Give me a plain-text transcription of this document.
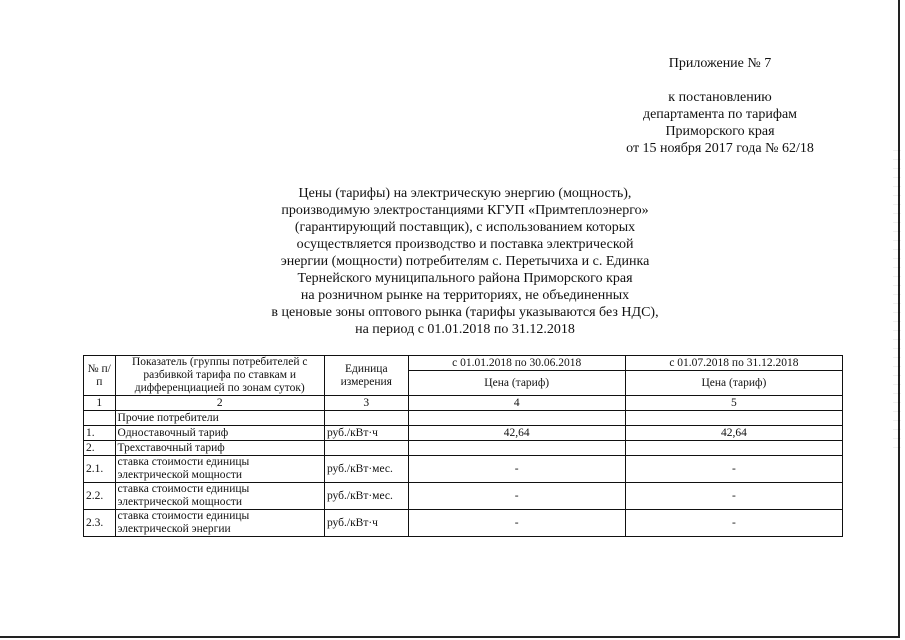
Приложение № 7
к постановлению
департамента по тарифам
Приморского края
от 15 ноября 2017 года № 62/18
Цены (тарифы) на электрическую энергию (мощность),
производимую электростанциями КГУП «Примтеплоэнерго»
(гарантирующий поставщик), с использованием которых
осуществляется производство и поставка электрической
энергии (мощности) потребителям с. Перетычиха и с. Единка
Тернейского муниципального района Приморского края
на розничном рынке на территориях, не объединенных
в ценовые зоны оптового рынка (тарифы указываются без НДС),
на период с 01.01.2018 по 31.12.2018
№ п/п	Показатель (группы потребителей с разбивкой тарифа по ставкам и дифференциацией по зонам суток)	Единица измерения	с 01.01.2018 по 30.06.2018	с 01.07.2018 по 31.12.2018
			Цена (тариф)	Цена (тариф)
1	2	3	4	5
	Прочие потребители			
1.	Одноставочный тариф	руб./кВт·ч	42,64	42,64
2.	Трехставочный тариф			
2.1.	ставка стоимости единицы электрической мощности	руб./кВт·мес.	-	-
2.2.	ставка стоимости единицы электрической мощности	руб./кВт·мес.	-	-
2.3.	ставка стоимости единицы электрической энергии	руб./кВт·ч	-	-
